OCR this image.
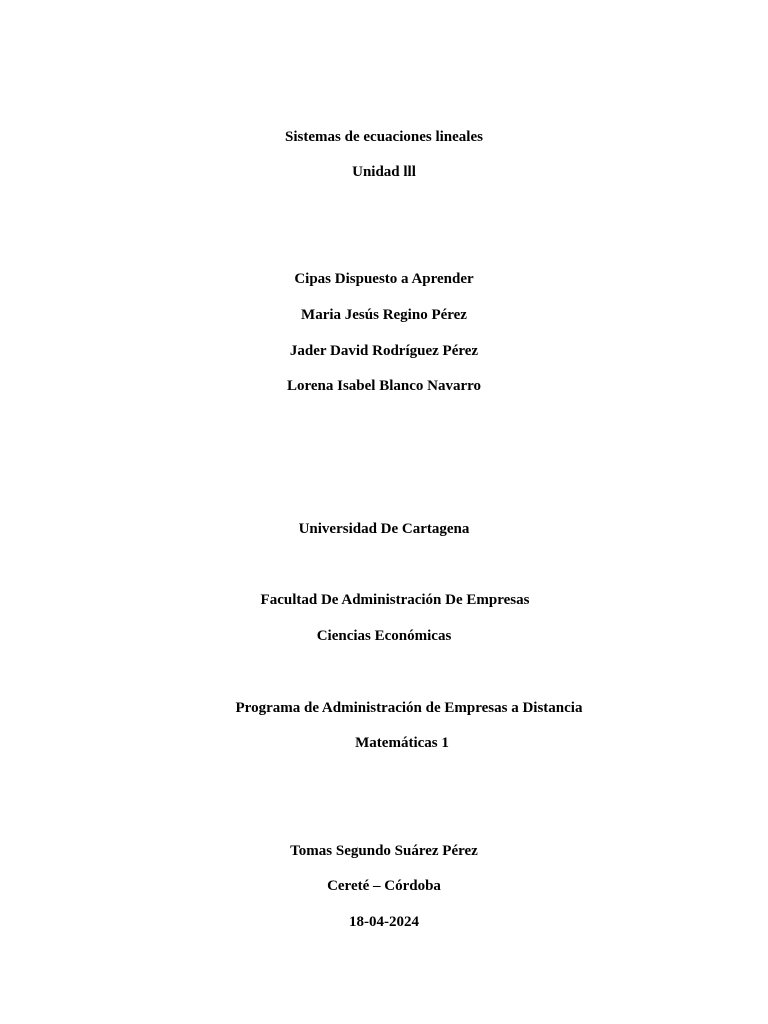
Sistemas de ecuaciones lineales
Unidad lll
Cipas Dispuesto a Aprender
Maria Jesús Regino Pérez
Jader David Rodríguez Pérez
Lorena Isabel Blanco Navarro
Universidad De Cartagena
Facultad De Administración De Empresas
Ciencias Económicas
Programa de Administración de Empresas a Distancia
Matemáticas 1
Tomas Segundo Suárez Pérez
Cereté – Córdoba
18-04-2024
